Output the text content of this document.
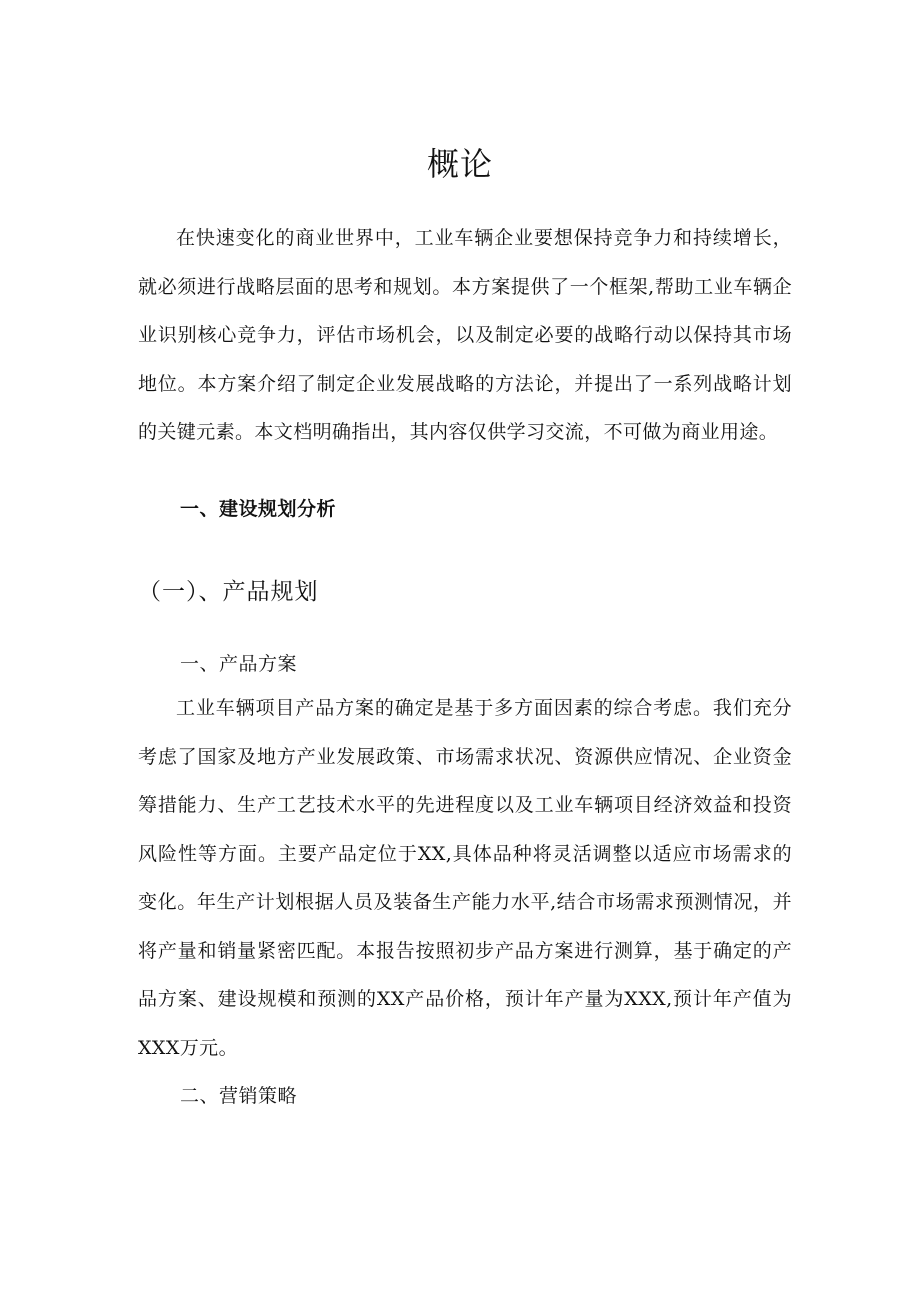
概论

在快速变化的商业世界中，工业车辆企业要想保持竞争力和持续增长，就必须进行战略层面的思考和规划。本方案提供了一个框架,帮助工业车辆企业识别核心竞争力，评估市场机会，以及制定必要的战略行动以保持其市场地位。本方案介绍了制定企业发展战略的方法论，并提出了一系列战略计划的关键元素。本文档明确指出，其内容仅供学习交流，不可做为商业用途。

一、建设规划分析
（一）、产品规划
一、产品方案

工业车辆项目产品方案的确定是基于多方面因素的综合考虑。我们充分考虑了国家及地方产业发展政策、市场需求状况、资源供应情况、企业资金筹措能力、生产工艺技术水平的先进程度以及工业车辆项目经济效益和投资风险性等方面。主要产品定位于XX,具体品种将灵活调整以适应市场需求的变化。年生产计划根据人员及装备生产能力水平,结合市场需求预测情况，并将产量和销量紧密匹配。本报告按照初步产品方案进行测算，基于确定的产品方案、建设规模和预测的XX产品价格，预计年产量为XXX,预计年产值为XXX万元。

二、营销策略
